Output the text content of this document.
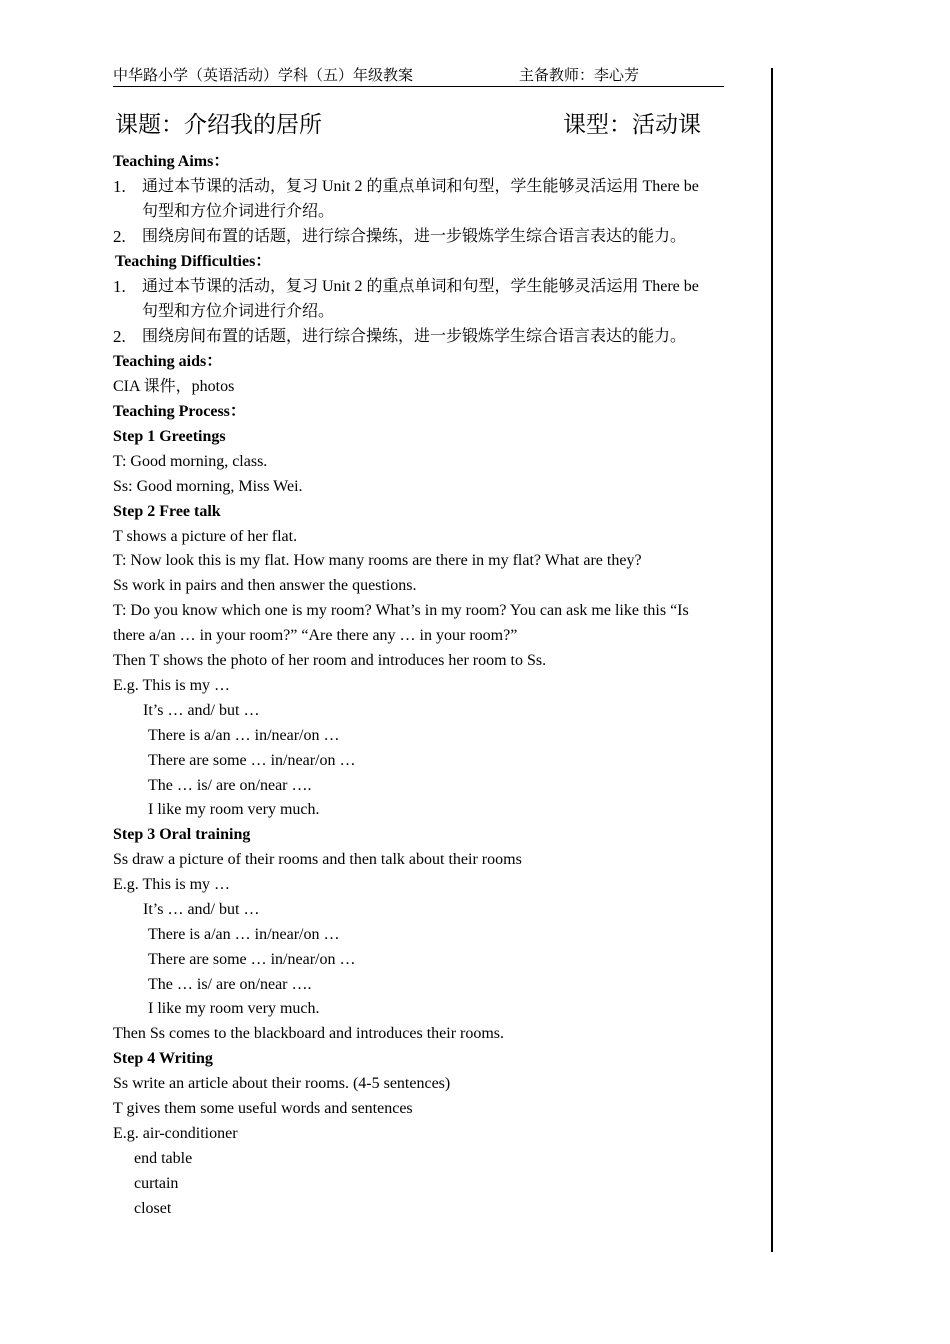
中华路小学（英语活动）学科（五）年级教案	主备教师：李心芳
课题：介绍我的居所	课型：活动课
Teaching Aims：
1. 通过本节课的活动，复习 Unit 2 的重点单词和句型，学生能够灵活运用 There be
句型和方位介词进行介绍。
2. 围绕房间布置的话题，进行综合操练，进一步锻炼学生综合语言表达的能力。
Teaching Difficulties：
1. 通过本节课的活动，复习 Unit 2 的重点单词和句型，学生能够灵活运用 There be
句型和方位介词进行介绍。
2. 围绕房间布置的话题，进行综合操练，进一步锻炼学生综合语言表达的能力。
Teaching aids：
CIA 课件，photos
Teaching Process：
Step 1 Greetings
T: Good morning, class.
Ss: Good morning, Miss Wei.
Step 2 Free talk
T shows a picture of her flat.
T: Now look this is my flat. How many rooms are there in my flat? What are they?
Ss work in pairs and then answer the questions.
T: Do you know which one is my room? What’s in my room? You can ask me like this “Is
there a/an … in your room?” “Are there any … in your room?”
Then T shows the photo of her room and introduces her room to Ss.
E.g. This is my …
It’s … and/ but …
There is a/an … in/near/on …
There are some … in/near/on …
The … is/ are on/near ….
I like my room very much.
Step 3 Oral training
Ss draw a picture of their rooms and then talk about their rooms
E.g. This is my …
It’s … and/ but …
There is a/an … in/near/on …
There are some … in/near/on …
The … is/ are on/near ….
I like my room very much.
Then Ss comes to the blackboard and introduces their rooms.
Step 4 Writing
Ss write an article about their rooms. (4-5 sentences)
T gives them some useful words and sentences
E.g. air-conditioner
end table
curtain
closet
